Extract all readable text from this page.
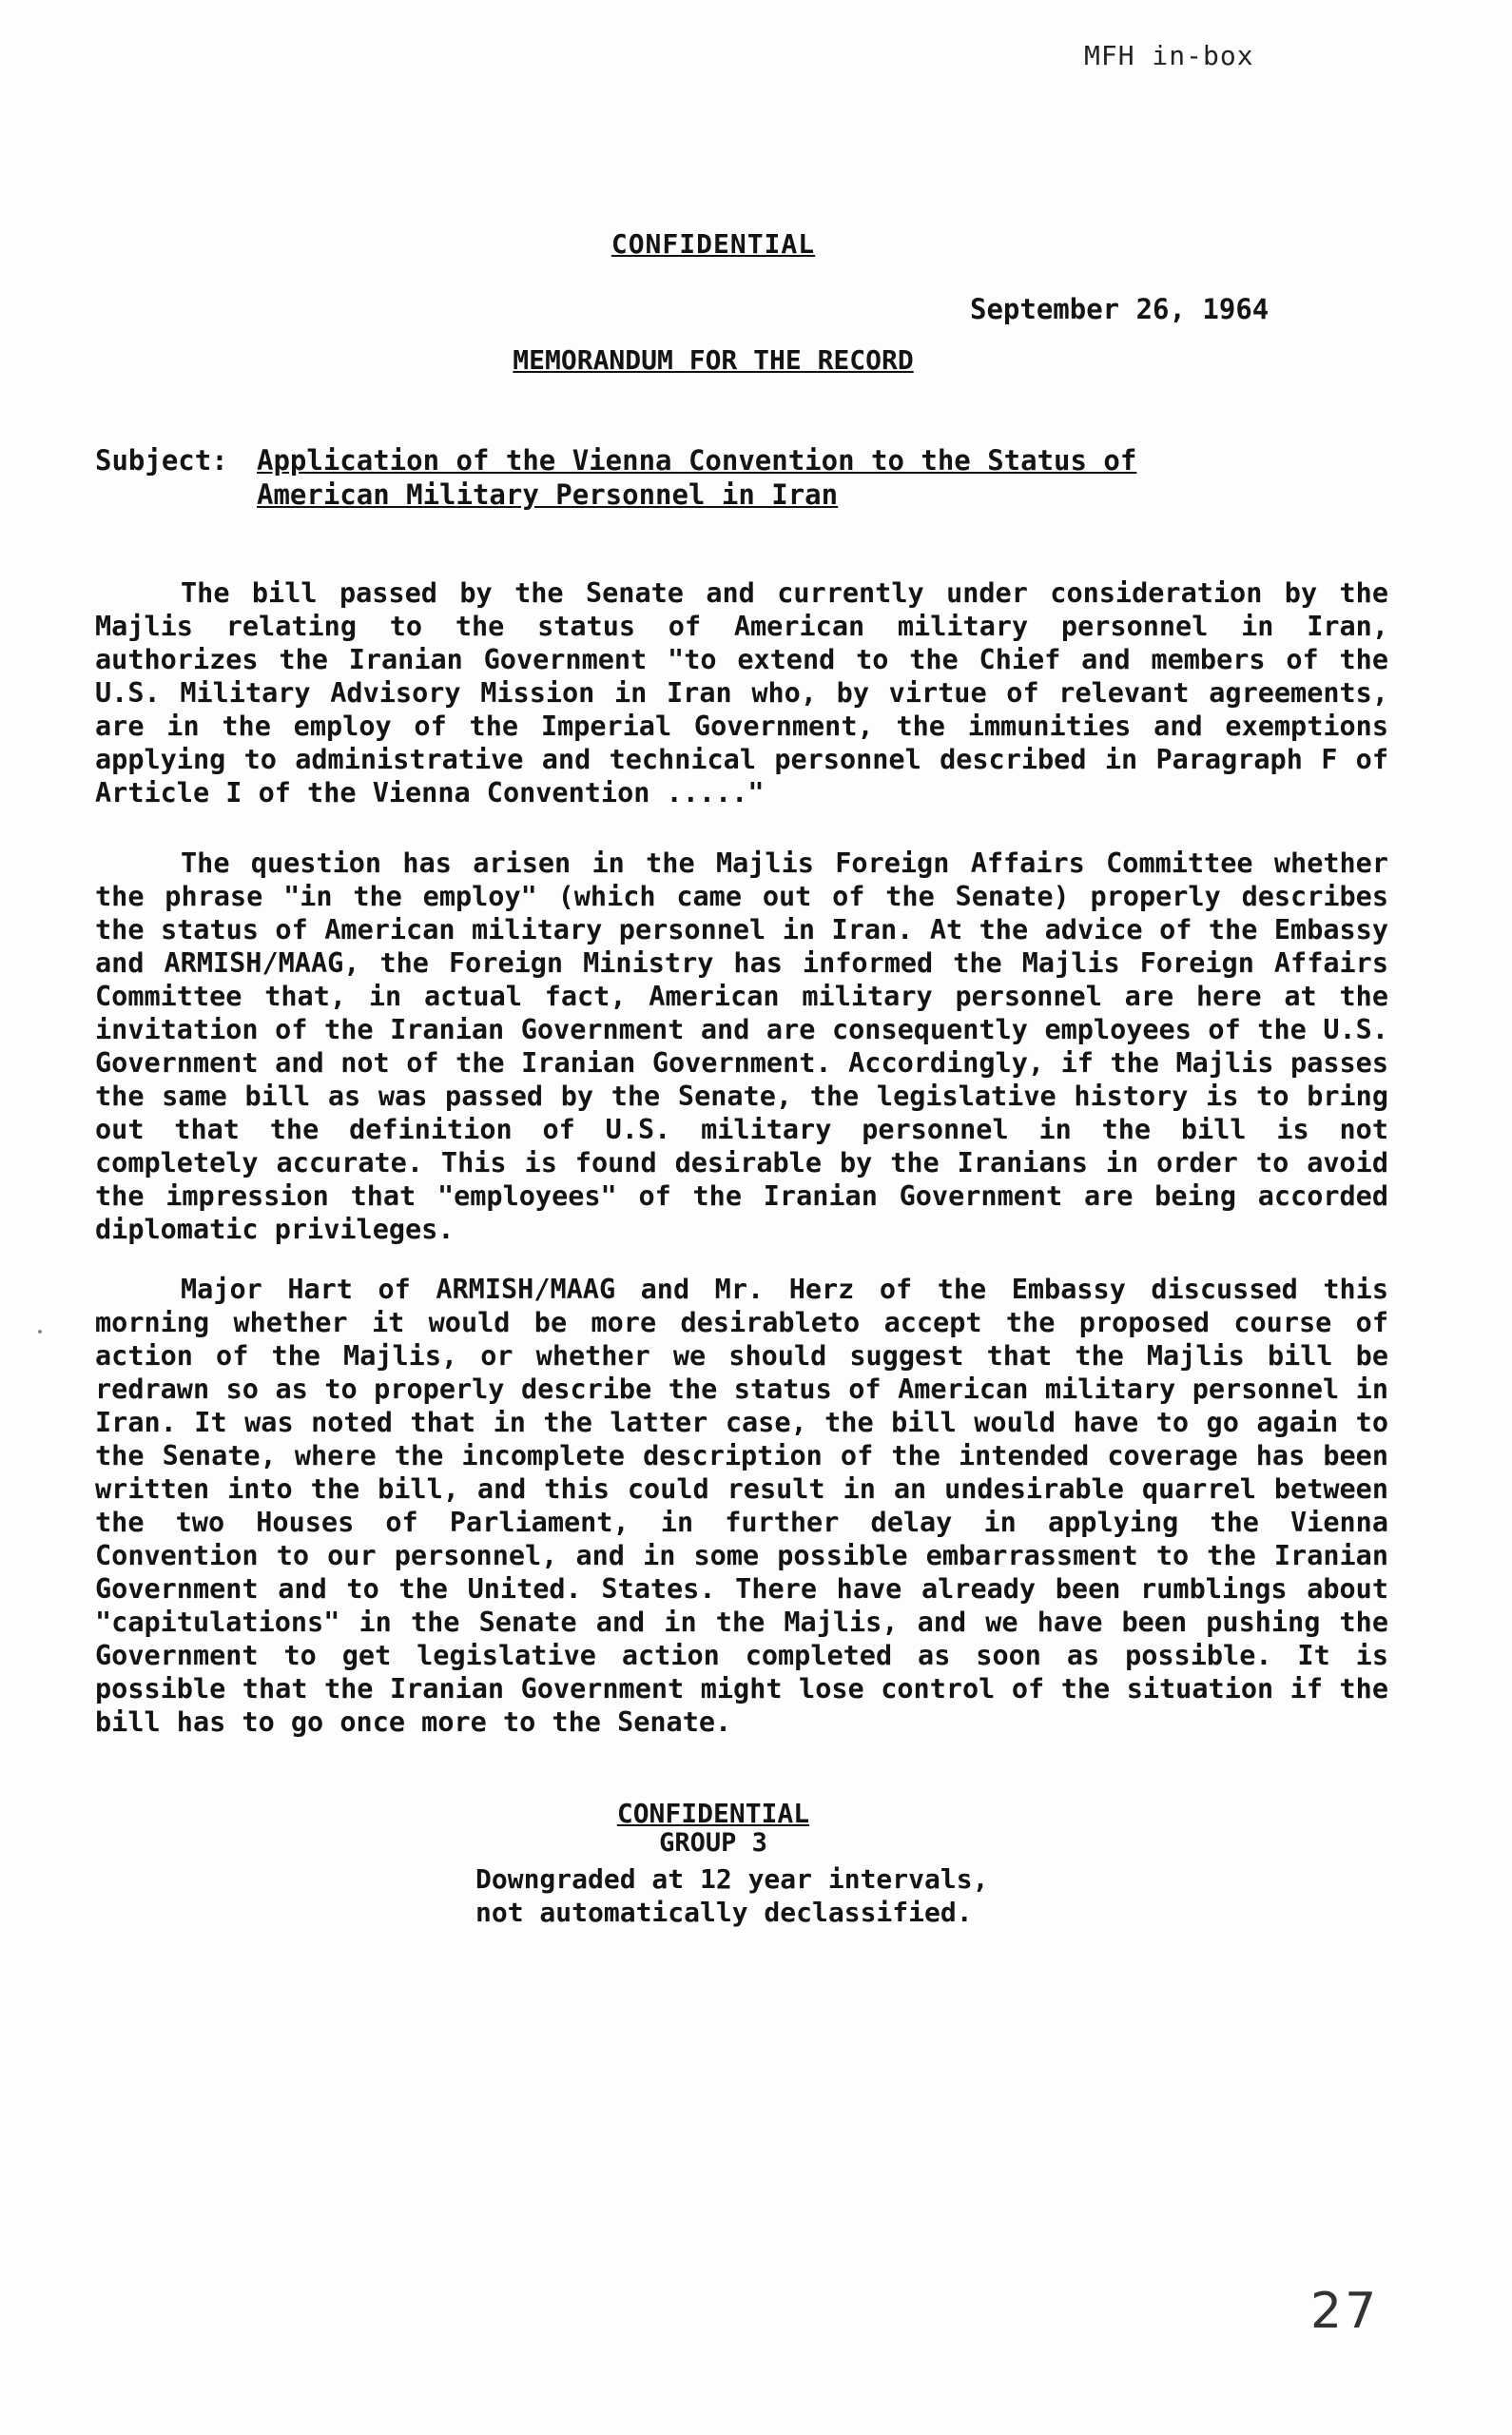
MFH in-box
CONFIDENTIAL
September 26, 1964
MEMORANDUM FOR THE RECORD
Subject:	Application of the Vienna Convention to the Status of American Military Personnel in Iran

The bill passed by the Senate and currently under consideration by the Majlis relating to the status of American military personnel in Iran, authorizes the Iranian Government "to extend to the Chief and members of the U.S. Military Advisory Mission in Iran who, by virtue of relevant agreements, are in the employ of the Imperial Government, the immunities and exemptions applying to administrative and technical personnel described in Paragraph F of Article I of the Vienna Convention ....."

The question has arisen in the Majlis Foreign Affairs Committee whether the phrase "in the employ" (which came out of the Senate) properly describes the status of American military personnel in Iran. At the advice of the Embassy and ARMISH/MAAG, the Foreign Ministry has informed the Majlis Foreign Affairs Committee that, in actual fact, American military personnel are here at the invitation of the Iranian Government and are consequently employees of the U.S. Government and not of the Iranian Government. Accordingly, if the Majlis passes the same bill as was passed by the Senate, the legislative history is to bring out that the definition of U.S. military personnel in the bill is not completely accurate. This is found desirable by the Iranians in order to avoid the impression that "employees" of the Iranian Government are being accorded diplomatic privileges.

Major Hart of ARMISH/MAAG and Mr. Herz of the Embassy discussed this morning whether it would be more desirableto accept the proposed course of action of the Majlis, or whether we should suggest that the Majlis bill be redrawn so as to properly describe the status of American military personnel in Iran. It was noted that in the latter case, the bill would have to go again to the Senate, where the incomplete description of the intended coverage has been written into the bill, and this could result in an undesirable quarrel between the two Houses of Parliament, in further delay in applying the Vienna Convention to our personnel, and in some possible embarrassment to the Iranian Government and to the United. States. There have already been rumblings about "capitulations" in the Senate and in the Majlis, and we have been pushing the Government to get legislative action completed as soon as possible. It is possible that the Iranian Government might lose control of the situation if the bill has to go once more to the Senate.

CONFIDENTIAL
GROUP 3
Downgraded at 12 year intervals,
not automatically declassified.
27
